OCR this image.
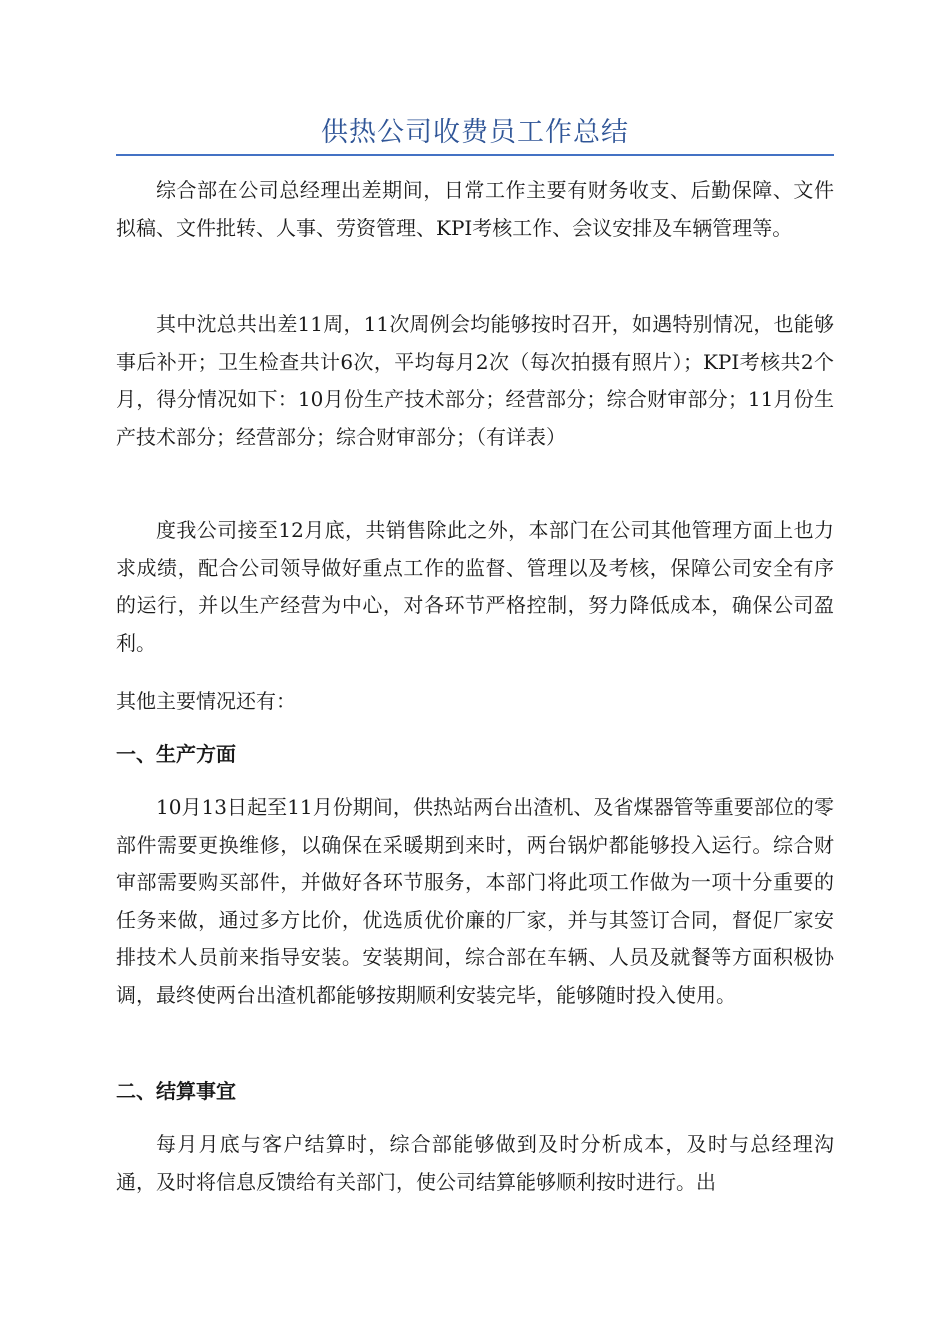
供热公司收费员工作总结

综合部在公司总经理出差期间，日常工作主要有财务收支、后勤保障、文件拟稿、文件批转、人事、劳资管理、KPI考核工作、会议安排及车辆管理等。

其中沈总共出差11周，11次周例会均能够按时召开，如遇特别情况，也能够事后补开；卫生检查共计6次，平均每月2次（每次拍摄有照片）；KPI考核共2个月，得分情况如下：10月份生产技术部分；经营部分；综合财审部分；11月份生产技术部分；经营部分；综合财审部分；（有详表）

度我公司接至12月底，共销售除此之外，本部门在公司其他管理方面上也力求成绩，配合公司领导做好重点工作的监督、管理以及考核，保障公司安全有序的运行，并以生产经营为中心，对各环节严格控制，努力降低成本，确保公司盈利。

其他主要情况还有：

一、生产方面

10月13日起至11月份期间，供热站两台出渣机、及省煤器管等重要部位的零部件需要更换维修，以确保在采暖期到来时，两台锅炉都能够投入运行。综合财审部需要购买部件，并做好各环节服务，本部门将此项工作做为一项十分重要的任务来做，通过多方比价，优选质优价廉的厂家，并与其签订合同，督促厂家安排技术人员前来指导安装。安装期间，综合部在车辆、人员及就餐等方面积极协调，最终使两台出渣机都能够按期顺利安装完毕，能够随时投入使用。

二、结算事宜

每月月底与客户结算时，综合部能够做到及时分析成本，及时与总经理沟通，及时将信息反馈给有关部门，使公司结算能够顺利按时进行。出
